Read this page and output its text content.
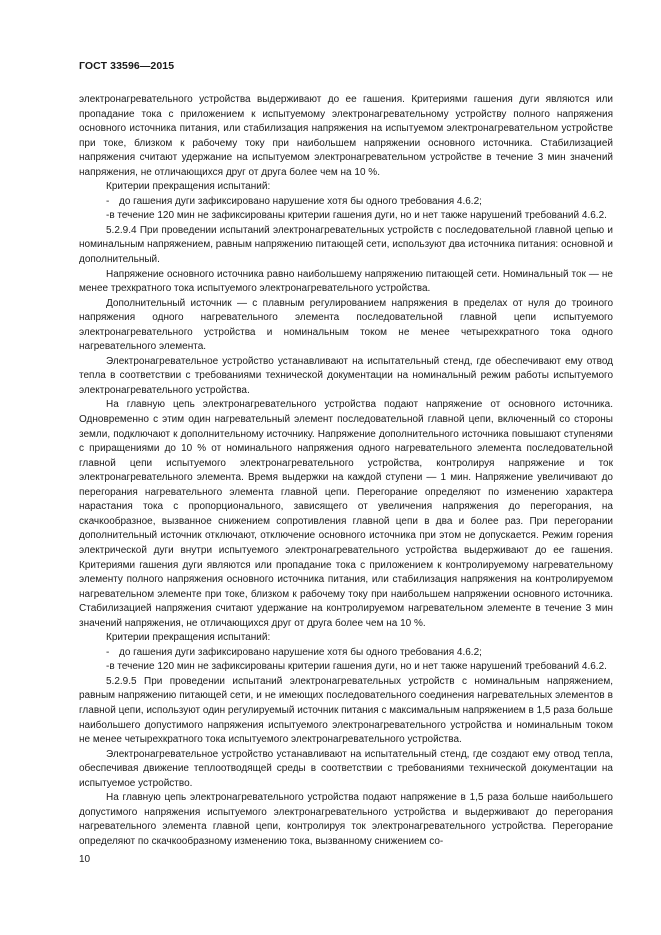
ГОСТ 33596—2015

электронагревательного устройства выдерживают до ее гашения. Критериями гашения дуги являются или пропадание тока с приложением к испытуемому электронагревательному устройству полного напряжения основного источника питания, или стабилизация напряжения на испытуемом электронагревательном устройстве при токе, близком к рабочему току при наибольшем напряжении основного источника. Стабилизацией напряжения считают удержание на испытуемом электронагревательном устройстве в течение 3 мин значений напряжения, не отличающихся друг от друга более чем на 10 %.

Критерии прекращения испытаний:

- до гашения дуги зафиксировано нарушение хотя бы одного требования 4.6.2;

-в течение 120 мин не зафиксированы критерии гашения дуги, но и нет также нарушений требований 4.6.2.

5.2.9.4 При проведении испытаний электронагревательных устройств с последовательной главной цепью и номинальным напряжением, равным напряжению питающей сети, используют два источника питания: основной и дополнительный.

Напряжение основного источника равно наибольшему напряжению питающей сети. Номинальный ток — не менее трехкратного тока испытуемого электронагревательного устройства.

Дополнительный источник — с плавным регулированием напряжения в пределах от нуля до троиного напряжения одного нагревательного элемента последовательной главной цепи испытуемого электронагревательного устройства и номинальным током не менее четырехкратного тока одного нагревательного элемента.

Электронагревательное устройство устанавливают на испытательный стенд, где обеспечивают ему отвод тепла в соответствии с требованиями технической документации на номинальный режим работы испытуемого электронагревательного устройства.

На главную цепь электронагревательного устройства подают напряжение от основного источника. Одновременно с этим один нагревательный элемент последовательной главной цепи, включенный со стороны земли, подключают к дополнительному источнику. Напряжение дополнительного источника повышают ступенями с приращениями до 10 % от номинального напряжения одного нагревательного элемента последовательной главной цепи испытуемого электронагревательного устройства, контролируя напряжение и ток электронагревательного элемента. Время выдержки на каждой ступени — 1 мин. Напряжение увеличивают до перегорания нагревательного элемента главной цепи. Перегорание определяют по изменению характера нарастания тока с пропорционального, зависящего от увеличения напряжения до перегорания, на скачкообразное, вызванное снижением сопротивления главной цепи в два и более раз. При перегорании дополнительный источник отключают, отключение основного источника при этом не допускается. Режим горения электрической дуги внутри испытуемого электронагревательного устройства выдерживают до ее гашения. Критериями гашения дуги являются или пропадание тока с приложением к контролируемому нагревательному элементу полного напряжения основного источника питания, или стабилизация напряжения на контролируемом нагревательном элементе при токе, близком к рабочему току при наибольшем напряжении основного источника. Стабилизацией напряжения считают удержание на контролируемом нагревательном элементе в течение 3 мин значений напряжения, не отличающихся друг от друга более чем на 10 %.

Критерии прекращения испытаний:

- до гашения дуги зафиксировано нарушение хотя бы одного требования 4.6.2;

-в течение 120 мин не зафиксированы критерии гашения дуги, но и нет также нарушений требований 4.6.2.

5.2.9.5 При проведении испытаний электронагревательных устройств с номинальным напряжением, равным напряжению питающей сети, и не имеющих последовательного соединения нагревательных элементов в главной цепи, используют один регулируемый источник питания с максимальным напряжением в 1,5 раза больше наибольшего допустимого напряжения испытуемого электронагревательного устройства и номинальным током не менее четырехкратного тока испытуемого электронагревательного устройства.

Электронагревательное устройство устанавливают на испытательный стенд, где создают ему отвод тепла, обеспечивая движение теплоотводящей среды в соответствии с требованиями технической документации на испытуемое устройство.

На главную цепь электронагревательного устройства подают напряжение в 1,5 раза больше наибольшего допустимого напряжения испытуемого электронагревательного устройства и выдерживают до перегорания нагревательного элемента главной цепи, контролируя ток электронагревательного устройства. Перегорание определяют по скачкообразному изменению тока, вызванному снижением со-

10
